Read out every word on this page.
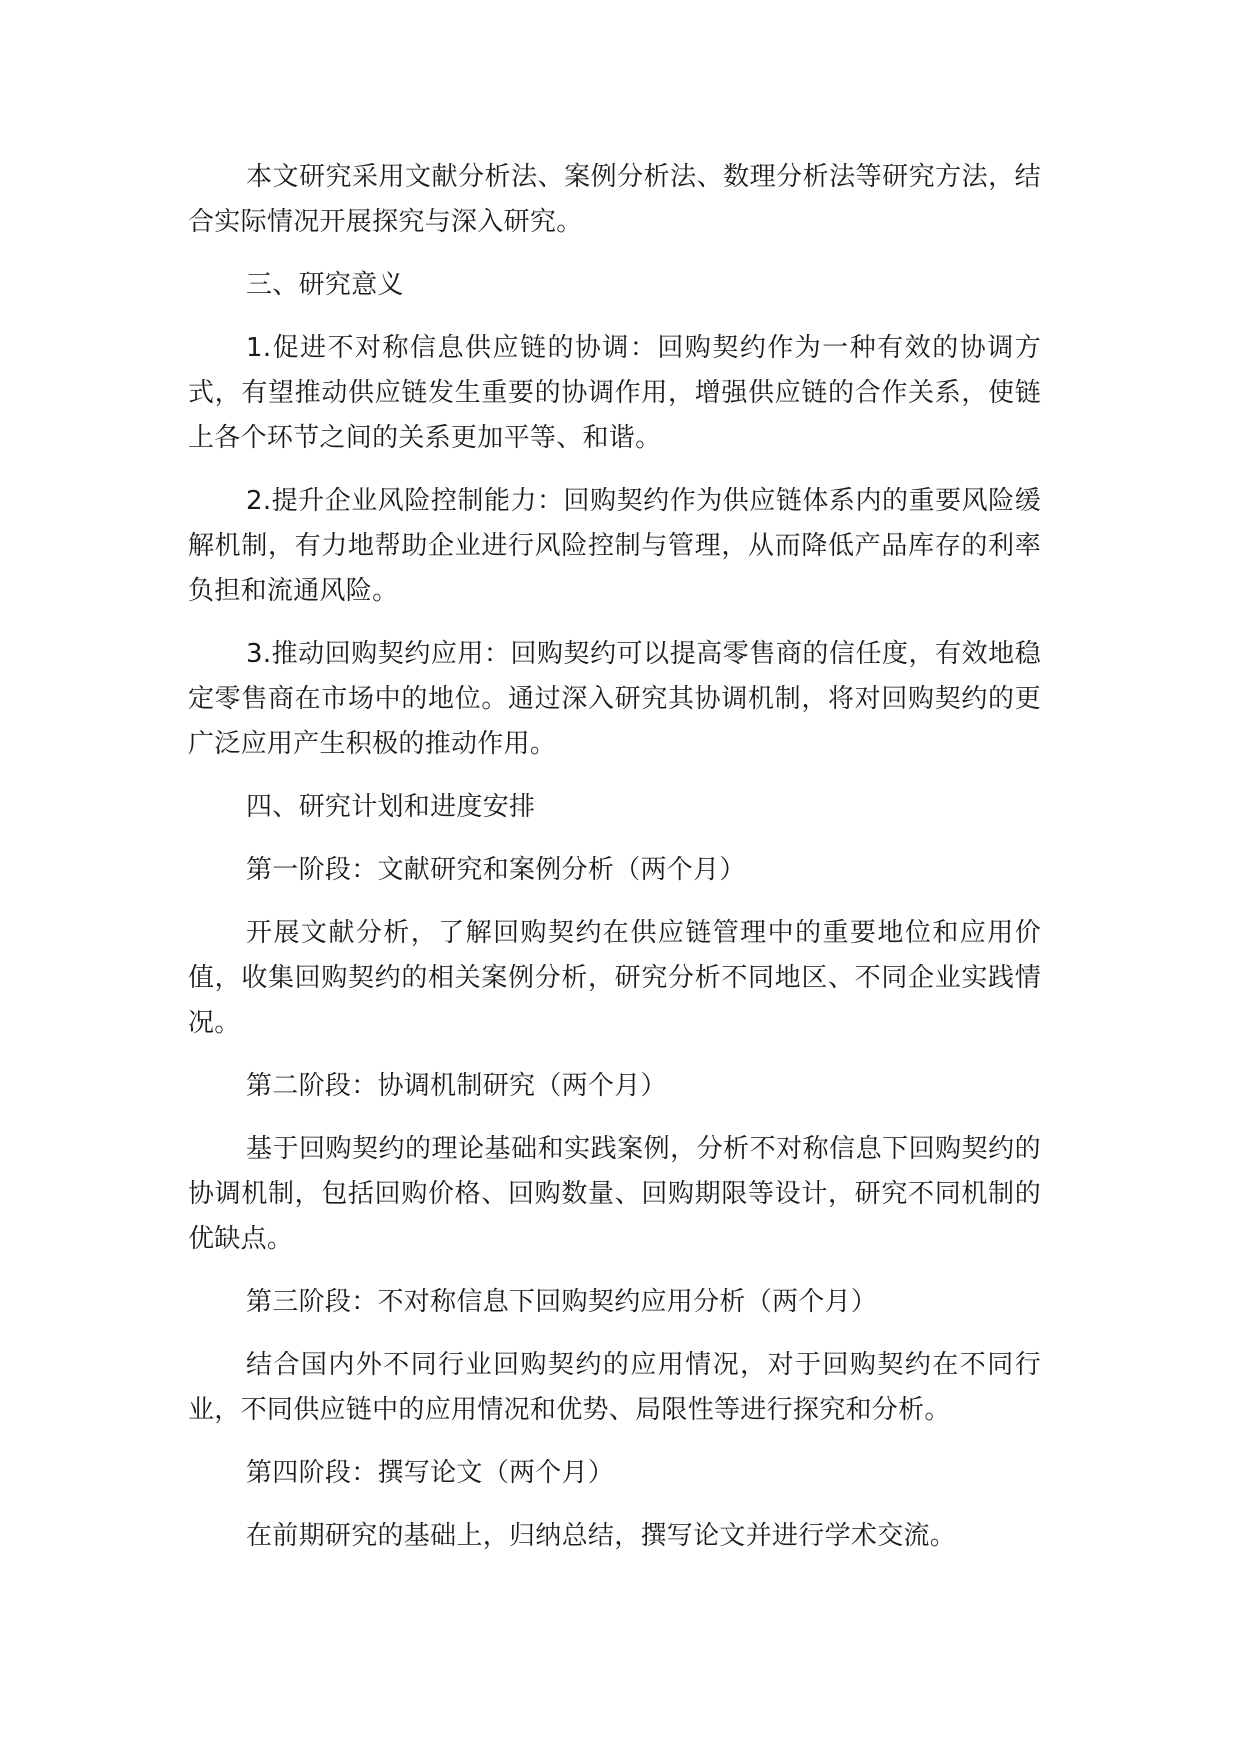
本文研究采用文献分析法、案例分析法、数理分析法等研究方法，结合实际情况开展探究与深入研究。

三、研究意义

1.促进不对称信息供应链的协调：回购契约作为一种有效的协调方式，有望推动供应链发生重要的协调作用，增强供应链的合作关系，使链上各个环节之间的关系更加平等、和谐。

2.提升企业风险控制能力：回购契约作为供应链体系内的重要风险缓解机制，有力地帮助企业进行风险控制与管理，从而降低产品库存的利率负担和流通风险。

3.推动回购契约应用：回购契约可以提高零售商的信任度，有效地稳定零售商在市场中的地位。通过深入研究其协调机制，将对回购契约的更广泛应用产生积极的推动作用。

四、研究计划和进度安排

第一阶段：文献研究和案例分析（两个月）

开展文献分析，了解回购契约在供应链管理中的重要地位和应用价值，收集回购契约的相关案例分析，研究分析不同地区、不同企业实践情况。

第二阶段：协调机制研究（两个月）

基于回购契约的理论基础和实践案例，分析不对称信息下回购契约的协调机制，包括回购价格、回购数量、回购期限等设计，研究不同机制的优缺点。

第三阶段：不对称信息下回购契约应用分析（两个月）

结合国内外不同行业回购契约的应用情况，对于回购契约在不同行业，不同供应链中的应用情况和优势、局限性等进行探究和分析。

第四阶段：撰写论文（两个月）

在前期研究的基础上，归纳总结，撰写论文并进行学术交流。
